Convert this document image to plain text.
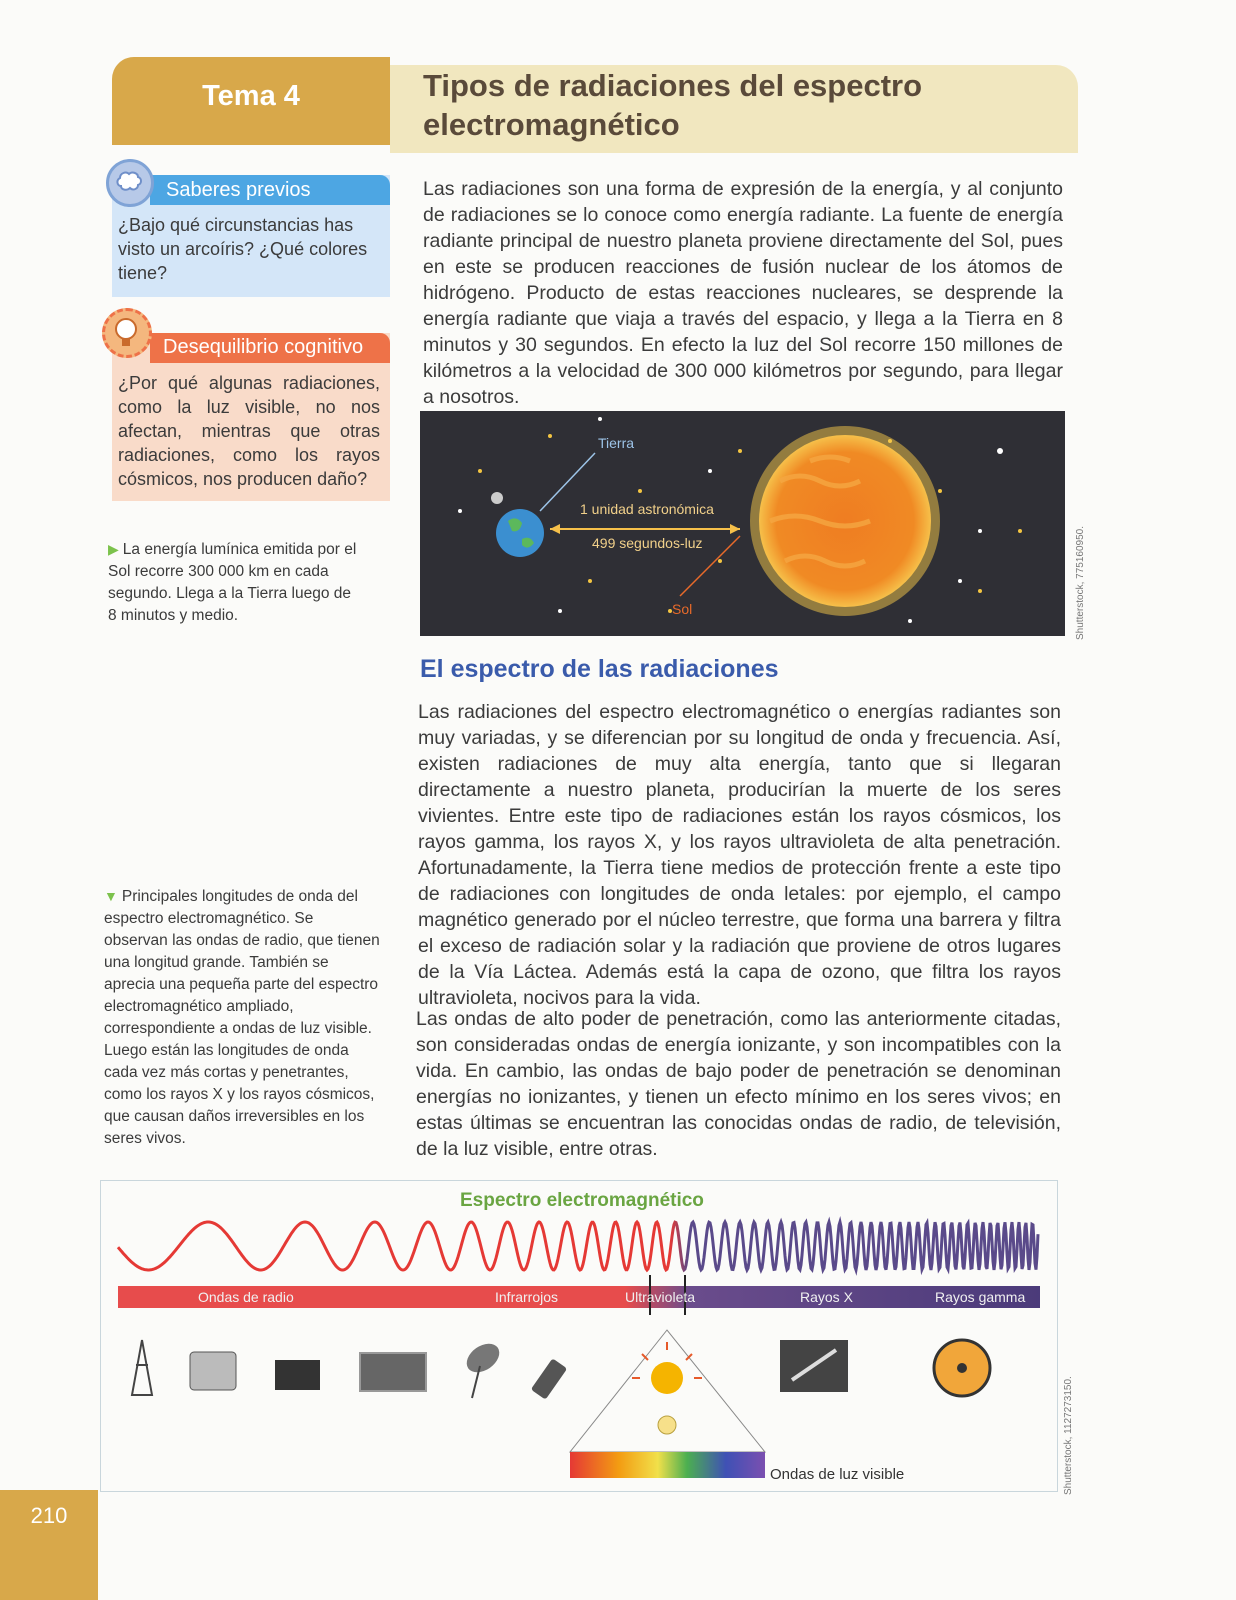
Tema 4	Tipos de radiaciones del espectro
electromagnético
Saberes previos
¿Bajo qué circunstancias has visto un arcoíris? ¿Qué colores tiene?
Desequilibrio cognitivo
¿Por qué algunas radiaciones, como la luz visible, no nos afectan, mientras que otras radiaciones, como los rayos cósmicos, nos producen daño?
▶ La energía lumínica emitida por el Sol recorre 300 000 km en cada segundo. Llega a la Tierra luego de 8 minutos y medio.
▼ Principales longitudes de onda del espectro electromagnético. Se observan las ondas de radio, que tienen una longitud grande. También se aprecia una pequeña parte del espectro electromagnético ampliado, correspondiente a ondas de luz visible. Luego están las longitudes de onda cada vez más cortas y penetrantes, como los rayos X y los rayos cósmicos, que causan daños irreversibles en los seres vivos.
Las radiaciones son una forma de expresión de la energía, y al conjunto de radiaciones se lo conoce como energía radiante. La fuente de energía radiante principal de nuestro planeta proviene directamente del Sol, pues en este se producen reacciones de fusión nuclear de los átomos de hidrógeno. Producto de estas reacciones nucleares, se desprende la energía radiante que viaja a través del espacio, y llega a la Tierra en 8 minutos y 30 segundos. En efecto la luz del Sol recorre 150 millones de kilómetros a la velocidad de 300 000 kilómetros por segundo, para llegar a nosotros.
Tierra
1 unidad astronómica
499 segundos-luz
Sol	Shutterstock, 775160950.
El espectro de las radiaciones
Las radiaciones del espectro electromagnético o energías radiantes son muy variadas, y se diferencian por su longitud de onda y frecuencia. Así, existen radiaciones de muy alta energía, tanto que si llegaran directamente a nuestro planeta, producirían la muerte de los seres vivientes. Entre este tipo de radiaciones están los rayos cósmicos, los rayos gamma, los rayos X, y los rayos ultravioleta de alta penetración. Afortunadamente, la Tierra tiene medios de protección frente a este tipo de radiaciones con longitudes de onda letales: por ejemplo, el campo magnético generado por el núcleo terrestre, que forma una barrera y filtra el exceso de radiación solar y la radiación que proviene de otros lugares de la Vía Láctea. Además está la capa de ozono, que filtra los rayos ultravioleta, nocivos para la vida.
Las ondas de alto poder de penetración, como las anteriormente citadas, son consideradas ondas de energía ionizante, y son incompatibles con la vida. En cambio, las ondas de bajo poder de penetración se denominan energías no ionizantes, y tienen un efecto mínimo en los seres vivos; en estas últimas se encuentran las conocidas ondas de radio, de televisión, de la luz visible, entre otras.
Espectro electromagnético
Ondas de radio	Infrarrojos	Ultravioleta	Rayos X	Rayos gamma
Ondas de luz visible	Shutterstock, 1127273150.
210
